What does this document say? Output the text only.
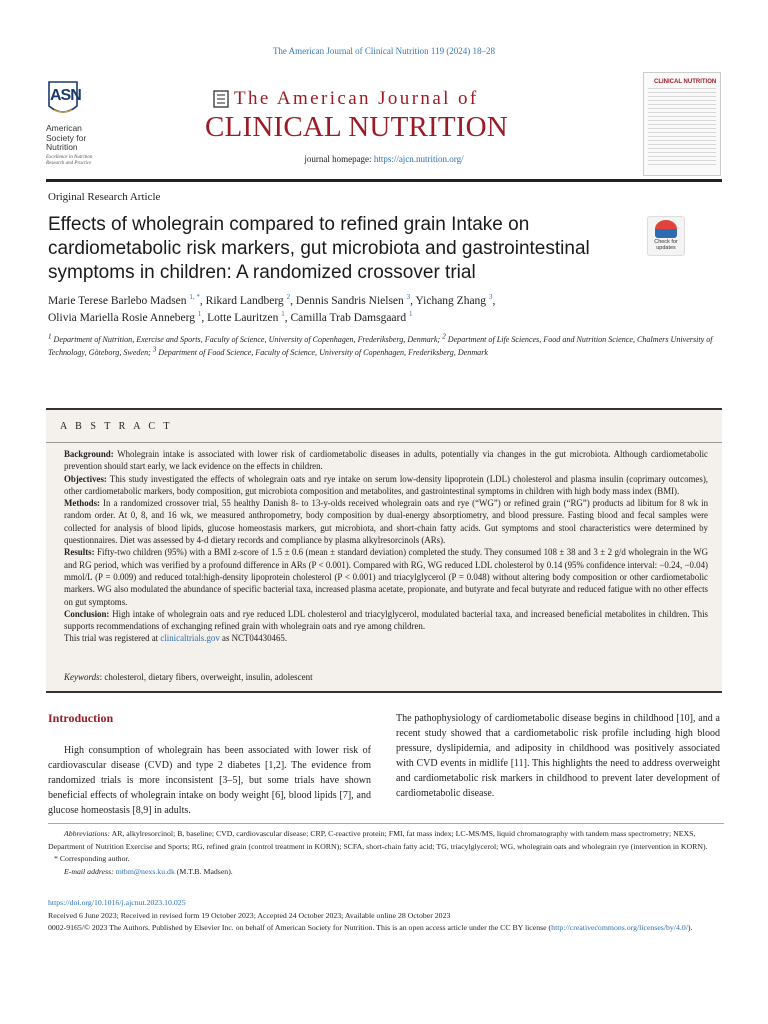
The American Journal of Clinical Nutrition 119 (2024) 18–28
ASN
American Society for Nutrition
Excellence in Nutrition Research and Practice
The American Journal of
CLINICAL NUTRITION
journal homepage: https://ajcn.nutrition.org/
CLINICAL NUTRITION
Original Research Article
Effects of wholegrain compared to refined grain Intake on cardiometabolic risk markers, gut microbiota and gastrointestinal symptoms in children: A randomized crossover trial
Check for updates
Marie Terese Barlebo Madsen $^{1, *}$, Rikard Landberg $^2$, Dennis Sandris Nielsen $^3$, Yichang Zhang $^3$,
Olivia Mariella Rosie Anneberg $^1$, Lotte Lauritzen $^1$, Camilla Trab Damsgaard $^1$
$^1$ Department of Nutrition, Exercise and Sports, Faculty of Science, University of Copenhagen, Frederiksberg, Denmark; $^2$ Department of Life Sciences, Food and Nutrition Science, Chalmers University of Technology, Göteborg, Sweden; $^3$ Department of Food Science, Faculty of Science, University of Copenhagen, Frederiksberg, Denmark
A B S T R A C T

Background: Wholegrain intake is associated with lower risk of cardiometabolic diseases in adults, potentially via changes in the gut microbiota. Although cardiometabolic prevention should start early, we lack evidence on the effects in children.

Objectives: This study investigated the effects of wholegrain oats and rye intake on serum low-density lipoprotein (LDL) cholesterol and plasma insulin (coprimary outcomes), other cardiometabolic markers, body composition, gut microbiota composition and metabolites, and gastrointestinal symptoms in children with high body mass index (BMI).

Methods: In a randomized crossover trial, 55 healthy Danish 8- to 13-y-olds received wholegrain oats and rye (“WG”) or refined grain (“RG”) products ad libitum for 8 wk in random order. At 0, 8, and 16 wk, we measured anthropometry, body composition by dual-energy absorptiometry, and blood pressure. Fasting blood and fecal samples were collected for analysis of blood lipids, glucose homeostasis markers, gut microbiota, and short-chain fatty acids. Gut symptoms and stool characteristics were determined by questionnaires. Diet was assessed by 4-d dietary records and compliance by plasma alkylresorcinols (ARs).

Results: Fifty-two children (95%) with a BMI z-score of 1.5 ± 0.6 (mean ± standard deviation) completed the study. They consumed 108 ± 38 and 3 ± 2 g/d wholegrain in the WG and RG period, which was verified by a profound difference in ARs (P < 0.001). Compared with RG, WG reduced LDL cholesterol by 0.14 (95% confidence interval: −0.24, −0.04) mmol/L (P = 0.009) and reduced total:high-density lipoprotein cholesterol (P < 0.001) and triacylglycerol (P = 0.048) without altering body composition or other cardiometabolic markers. WG also modulated the abundance of specific bacterial taxa, increased plasma acetate, propionate, and butyrate and fecal butyrate and reduced fatigue with no other effects on gut symptoms.

Conclusion: High intake of wholegrain oats and rye reduced LDL cholesterol and triacylglycerol, modulated bacterial taxa, and increased beneficial metabolites in children. This supports recommendations of exchanging refined grain with wholegrain oats and rye among children.

This trial was registered at clinicaltrials.gov as NCT04430465.

Keywords: cholesterol, dietary fibers, overweight, insulin, adolescent
Introduction
High consumption of wholegrain has been associated with lower risk of cardiovascular disease (CVD) and type 2 diabetes [1,2]. The evidence from randomized trials is more inconsistent [3–5], but some trials have shown beneficial effects of wholegrain intake on body weight [6], blood lipids [7], and glucose homeostasis [8,9] in adults.
The pathophysiology of cardiometabolic disease begins in childhood [10], and a recent study showed that a cardiometabolic risk profile including high blood pressure, dyslipidemia, and adiposity in childhood was positively associated with CVD events in midlife [11]. This highlights the need to address overweight and cardiometabolic risk markers in childhood to prevent later development of cardiometabolic disease.
Abbreviations: AR, alkylresorcinol; B, baseline; CVD, cardiovascular disease; CRP, C-reactive protein; FMI, fat mass index; LC-MS/MS, liquid chromatography with tandem mass spectrometry; NEXS, Department of Nutrition Exercise and Sports; RG, refined grain (control treatment in KORN); SCFA, short-chain fatty acid; TG, triacylglycerol; WG, wholegrain oats and wholegrain rye (intervention in KORN).
* Corresponding author.
E-mail address: mtbm@nexs.ku.dk (M.T.B. Madsen).
https://doi.org/10.1016/j.ajcnut.2023.10.025
Received 6 June 2023; Received in revised form 19 October 2023; Accepted 24 October 2023; Available online 28 October 2023
0002-9165/© 2023 The Authors. Published by Elsevier Inc. on behalf of American Society for Nutrition. This is an open access article under the CC BY license (http://creativecommons.org/licenses/by/4.0/).
